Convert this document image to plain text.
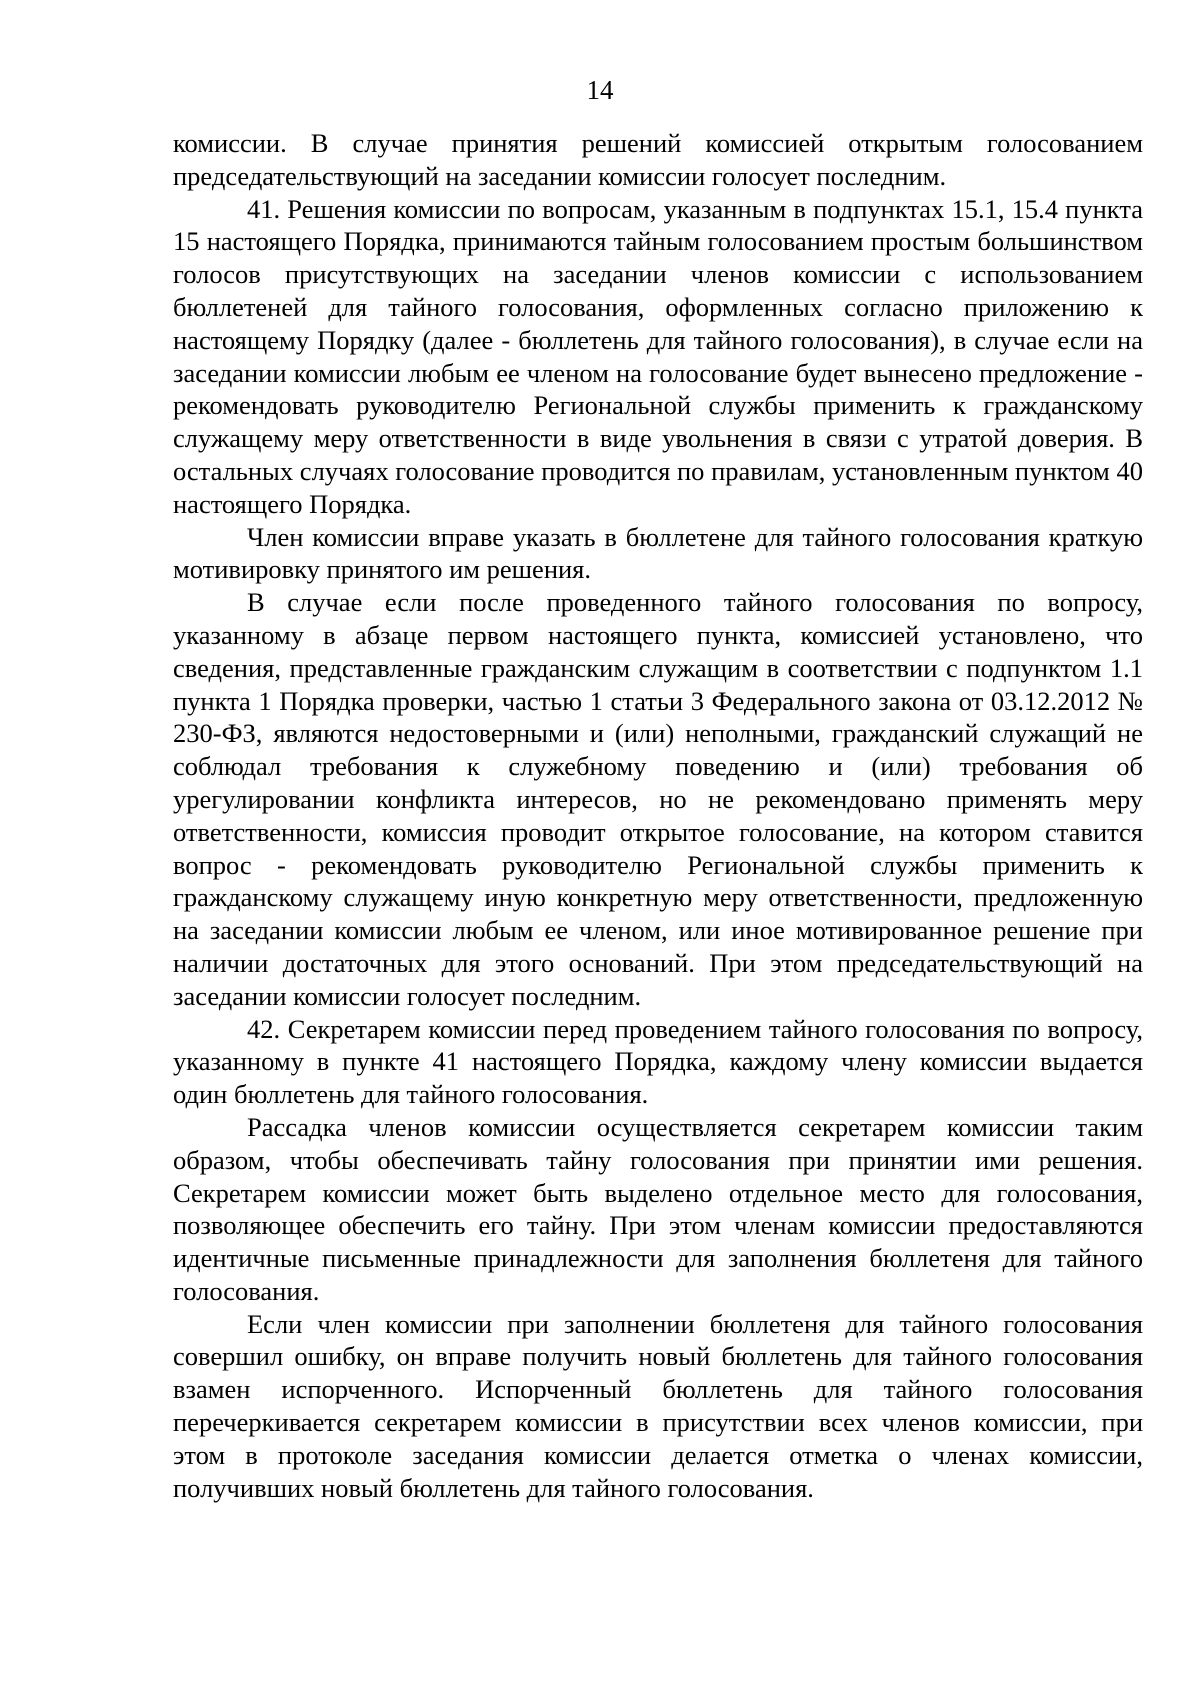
14

комиссии. В случае принятия решений комиссией открытым голосованием председательствующий на заседании комиссии голосует последним.

41. Решения комиссии по вопросам, указанным в подпунктах 15.1, 15.4 пункта 15 настоящего Порядка, принимаются тайным голосованием простым большинством голосов присутствующих на заседании членов комиссии с использованием бюллетеней для тайного голосования, оформленных согласно приложению к настоящему Порядку (далее - бюллетень для тайного голосования), в случае если на заседании комиссии любым ее членом на голосование будет вынесено предложение - рекомендовать руководителю Региональной службы применить к гражданскому служащему меру ответственности в виде увольнения в связи с утратой доверия. В остальных случаях голосование проводится по правилам, установленным пунктом 40 настоящего Порядка.

Член комиссии вправе указать в бюллетене для тайного голосования краткую мотивировку принятого им решения.

В случае если после проведенного тайного голосования по вопросу, указанному в абзаце первом настоящего пункта, комиссией установлено, что сведения, представленные гражданским служащим в соответствии с подпунктом 1.1 пункта 1 Порядка проверки, частью 1 статьи 3 Федерального закона от 03.12.2012 № 230-ФЗ, являются недостоверными и (или) неполными, гражданский служащий не соблюдал требования к служебному поведению и (или) требования об урегулировании конфликта интересов, но не рекомендовано применять меру ответственности, комиссия проводит открытое голосование, на котором ставится вопрос - рекомендовать руководителю Региональной службы применить к гражданскому служащему иную конкретную меру ответственности, предложенную на заседании комиссии любым ее членом, или иное мотивированное решение при наличии достаточных для этого оснований. При этом председательствующий на заседании комиссии голосует последним.

42. Секретарем комиссии перед проведением тайного голосования по вопросу, указанному в пункте 41 настоящего Порядка, каждому члену комиссии выдается один бюллетень для тайного голосования.

Рассадка членов комиссии осуществляется секретарем комиссии таким образом, чтобы обеспечивать тайну голосования при принятии ими решения. Секретарем комиссии может быть выделено отдельное место для голосования, позволяющее обеспечить его тайну. При этом членам комиссии предоставляются идентичные письменные принадлежности для заполнения бюллетеня для тайного голосования.

Если член комиссии при заполнении бюллетеня для тайного голосования совершил ошибку, он вправе получить новый бюллетень для тайного голосования взамен испорченного. Испорченный бюллетень для тайного голосования перечеркивается секретарем комиссии в присутствии всех членов комиссии, при этом в протоколе заседания комиссии делается отметка о членах комиссии, получивших новый бюллетень для тайного голосования.
